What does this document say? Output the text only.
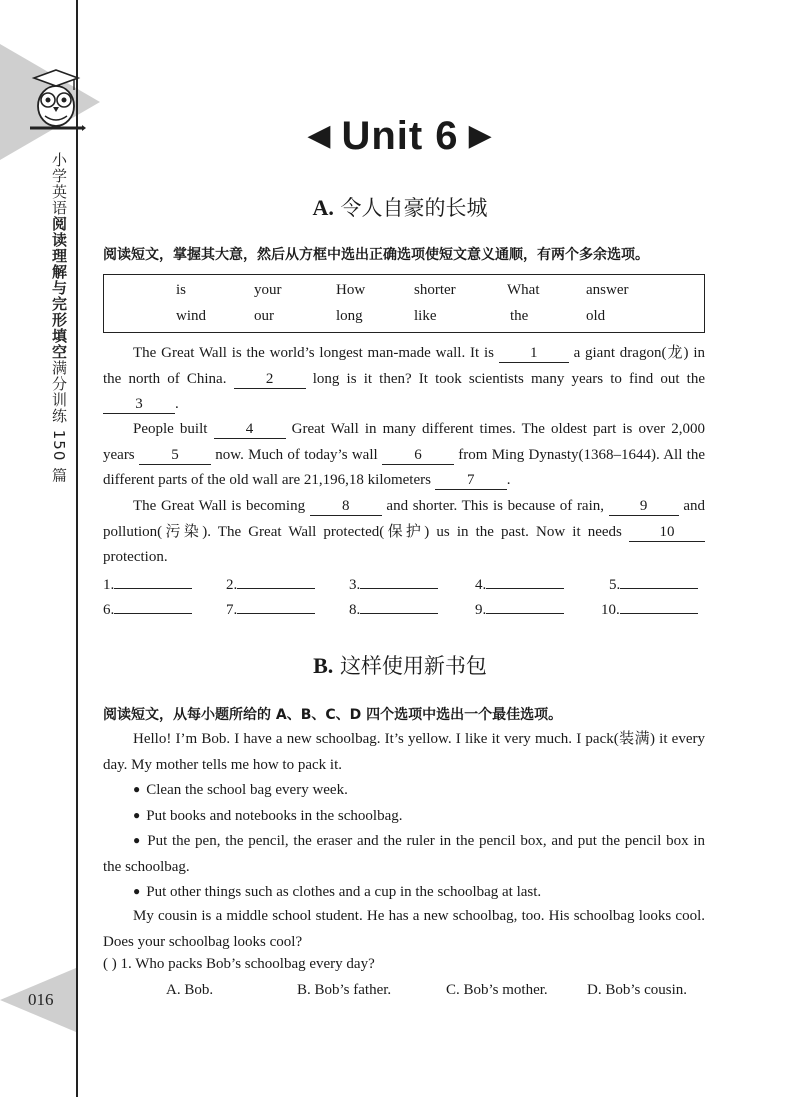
小学英语阅读理解与完形填空满分训练 150 篇
016
◀ Unit 6 ▶
A. 令人自豪的长城
阅读短文，掌握其大意，然后从方框中选出正确选项使短文意义通顺，有两个多余选项。
is	your	How	shorter	What	answer
wind	our	long	like	the	old
The Great Wall is the world’s longest man-made wall. It is 1 a giant dragon(龙) in the north of China.	2	long is it then? It took scientists many years to find out the 3 .
People built	4	Great Wall in many different times. The oldest part is over 2,000 years 5 now. Much of today’s wall 6 from Ming Dynasty(1368–1644). All the different parts of the old wall are 21,196,18 kilometers 7 .
The Great Wall is becoming 8 and shorter. This is because of rain, 9 and pollution(污染). The Great Wall protected(保护) us in the past. Now it needs	10 protection.
1.	2.	3.	4.	5.
6.	7.	8.	9.	10.
B. 这样使用新书包
阅读短文，从每小题所给的 A、B、C、D 四个选项中选出一个最佳选项。
Hello! I’m Bob. I have a new schoolbag. It’s yellow. I like it very much. I pack(装满) it every day. My mother tells me how to pack it.
● Clean the school bag every week.
● Put books and notebooks in the schoolbag.
● Put the pen, the pencil, the eraser and the ruler in the pencil box, and put the pencil box in the schoolbag.
● Put other things such as clothes and a cup in the schoolbag at last.
My cousin is a middle school student. He has a new schoolbag, too. His schoolbag looks cool. Does your schoolbag looks cool?
( ) 1. Who packs Bob’s schoolbag every day?
A. Bob.	B. Bob’s father.	C. Bob’s mother.	D. Bob’s cousin.
